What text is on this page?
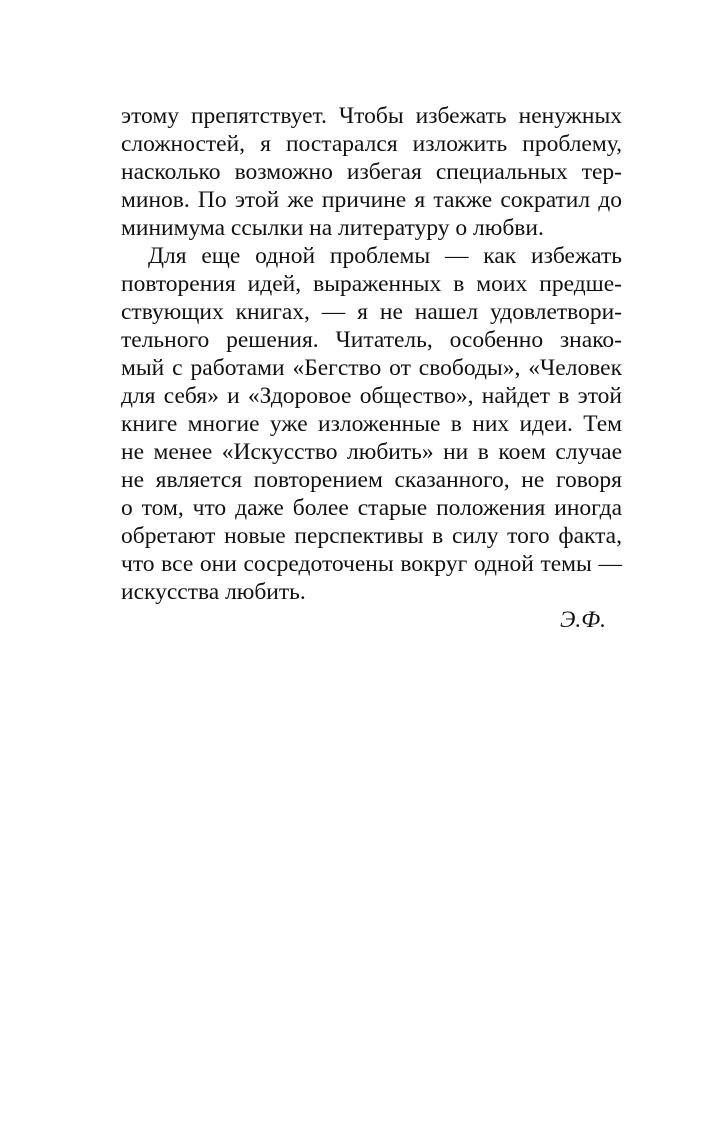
этому препятствует. Чтобы избежать ненужных
сложностей, я постарался изложить проблему,
насколько возможно избегая специальных тер-
минов. По этой же причине я также сократил до
минимума ссылки на литературу о любви.
Для еще одной проблемы — как избежать
повторения идей, выраженных в моих предше-
ствующих книгах, — я не нашел удовлетвори-
тельного решения. Читатель, особенно знако-
мый с работами «Бегство от свободы», «Человек
для себя» и «Здоровое общество», найдет в этой
книге многие уже изложенные в них идеи. Тем
не менее «Искусство любить» ни в коем случае
не является повторением сказанного, не говоря
о том, что даже более старые положения иногда
обретают новые перспективы в силу того факта,
что все они сосредоточены вокруг одной темы —
искусства любить.
Э.Ф.
